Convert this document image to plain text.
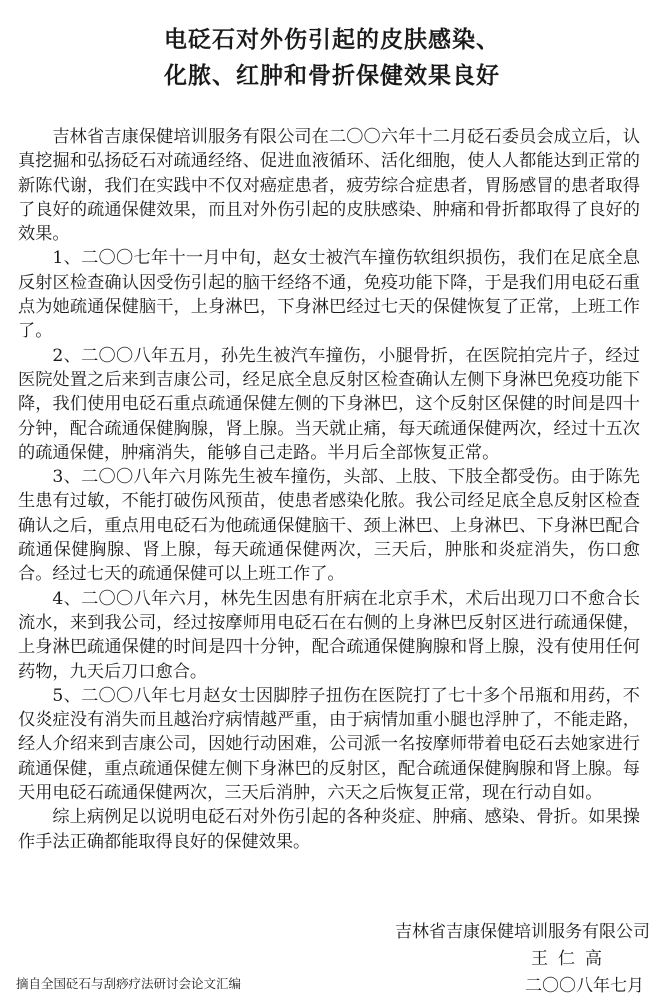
电砭石对外伤引起的皮肤感染、
化脓、红肿和骨折保健效果良好

吉林省吉康保健培训服务有限公司在二〇〇六年十二月砭石委员会成立后，认真挖掘和弘扬砭石对疏通经络、促进血液循环、活化细胞，使人人都能达到正常的新陈代谢，我们在实践中不仅对癌症患者，疲劳综合症患者，胃肠感冒的患者取得了良好的疏通保健效果，而且对外伤引起的皮肤感染、肿痛和骨折都取得了良好的效果。

1、二〇〇七年十一月中旬，赵女士被汽车撞伤软组织损伤，我们在足底全息反射区检查确认因受伤引起的脑干经络不通，免疫功能下降，于是我们用电砭石重点为她疏通保健脑干，上身淋巴，下身淋巴经过七天的保健恢复了正常，上班工作了。

2、二〇〇八年五月，孙先生被汽车撞伤，小腿骨折，在医院拍完片子，经过医院处置之后来到吉康公司，经足底全息反射区检查确认左侧下身淋巴免疫功能下降，我们使用电砭石重点疏通保健左侧的下身淋巴，这个反射区保健的时间是四十分钟，配合疏通保健胸腺，肾上腺。当天就止痛，每天疏通保健两次，经过十五次的疏通保健，肿痛消失，能够自己走路。半月后全部恢复正常。

3、二〇〇八年六月陈先生被车撞伤，头部、上肢、下肢全都受伤。由于陈先生患有过敏，不能打破伤风预苗，使患者感染化脓。我公司经足底全息反射区检查确认之后，重点用电砭石为他疏通保健脑干、颈上淋巴、上身淋巴、下身淋巴配合疏通保健胸腺、肾上腺，每天疏通保健两次，三天后，肿胀和炎症消失，伤口愈合。经过七天的疏通保健可以上班工作了。

4、二〇〇八年六月，林先生因患有肝病在北京手术，术后出现刀口不愈合长流水，来到我公司，经过按摩师用电砭石在右侧的上身淋巴反射区进行疏通保健，上身淋巴疏通保健的时间是四十分钟，配合疏通保健胸腺和肾上腺，没有使用任何药物，九天后刀口愈合。

5、二〇〇八年七月赵女士因脚脖子扭伤在医院打了七十多个吊瓶和用药，不仅炎症没有消失而且越治疗病情越严重，由于病情加重小腿也浮肿了，不能走路，经人介绍来到吉康公司，因她行动困难，公司派一名按摩师带着电砭石去她家进行疏通保健，重点疏通保健左侧下身淋巴的反射区，配合疏通保健胸腺和肾上腺。每天用电砭石疏通保健两次，三天后消肿，六天之后恢复正常，现在行动自如。

综上病例足以说明电砭石对外伤引起的各种炎症、肿痛、感染、骨折。如果操作手法正确都能取得良好的保健效果。

吉林省吉康保健培训服务有限公司
王仁高
二〇〇八年七月
摘自全国砭石与刮痧疗法研讨会论文汇编
